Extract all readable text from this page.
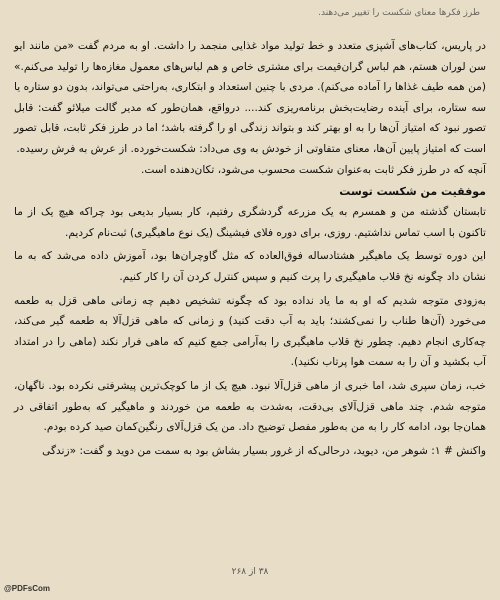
طرز فکرها معنای شکست را تغییر می‌دهند.

در پاریس، کتاب‌های آشپزی متعدد و خط تولید مواد غذایی منجمد را داشت. او به مردم گفت «من مانند ایو سن لوران هستم، هم لباس گران‌قیمت برای مشتری خاص و هم لباس‌های معمول مغازه‌ها را تولید می‌کنم.» (من همه طیف غذاها را آماده می‌کنم). مردی با چنین استعداد و ابتکاری، به‌راحتی می‌تواند، بدون دو ستاره یا سه ستاره، برای آینده رضایت‌بخش برنامه‌ریزی کند.... درواقع، همان‌طور که مدیر گالت میلائو گفت: قابل تصور نبود که امتیاز آن‌ها را به او بهتر کند و بتواند زندگی او را گرفته باشد؛ اما در طرز فکر ثابت، قابل تصور است که امتیاز پایین آن‌ها، معنای متفاوتی از خودش به وی می‌داد: شکست‌خورده. از عرش به فرش رسیده.

آنچه که در طرز فکر ثابت به‌عنوان شکست محسوب می‌شود، تکان‌دهنده است.

موفقیت من شکست توست

تابستان گذشته من و همسرم به یک مزرعه گردشگری رفتیم، کار بسیار بدیعی بود چراکه هیچ یک از ما تاکنون با اسب تماس نداشتیم. روزی، برای دوره فلای فیشینگ (یک نوع ماهیگیری) ثبت‌نام کردیم.

این دوره توسط یک ماهیگیر هشتادساله فوق‌العاده که مثل گاوچران‌ها بود، آموزش داده می‌شد که به ما نشان داد چگونه نخ قلاب ماهیگیری را پرت کنیم و سپس کنترل کردن آن را کار کنیم.

به‌زودی متوجه شدیم که او به ما یاد نداده بود که چگونه تشخیص دهیم چه زمانی ماهی قزل به طعمه می‌خورد (آن‌ها طناب را نمی‌کشند؛ باید به آب دقت کنید) و زمانی که ماهی قزل‌آلا به طعمه گیر می‌کند، چه‌کاری انجام دهیم. چطور نخ قلاب ماهیگیری را به‌آرامی جمع کنیم که ماهی فرار نکند (ماهی را در امتداد آب بکشید و آن را به سمت هوا پرتاب نکنید).

خب، زمان سپری شد، اما خبری از ماهی قزل‌آلا نبود. هیچ یک از ما کوچک‌ترین پیشرفتی نکرده بود. ناگهان، متوجه شدم. چند ماهی قزل‌آلای بی‌دقت، به‌شدت به طعمه من خوردند و ماهیگیر که به‌طور اتفاقی در همان‌جا بود، ادامه کار را به من به‌طور مفصل توضیح داد. من یک قزل‌آلای رنگین‌کمان صید کرده بودم.

واکنش # ۱: شوهر من، دیوید، درحالی‌که از غرور بسیار بشاش بود به سمت من دوید و گفت: «زندگی

۳۸ از ۲۶۸
@PDFsCom
